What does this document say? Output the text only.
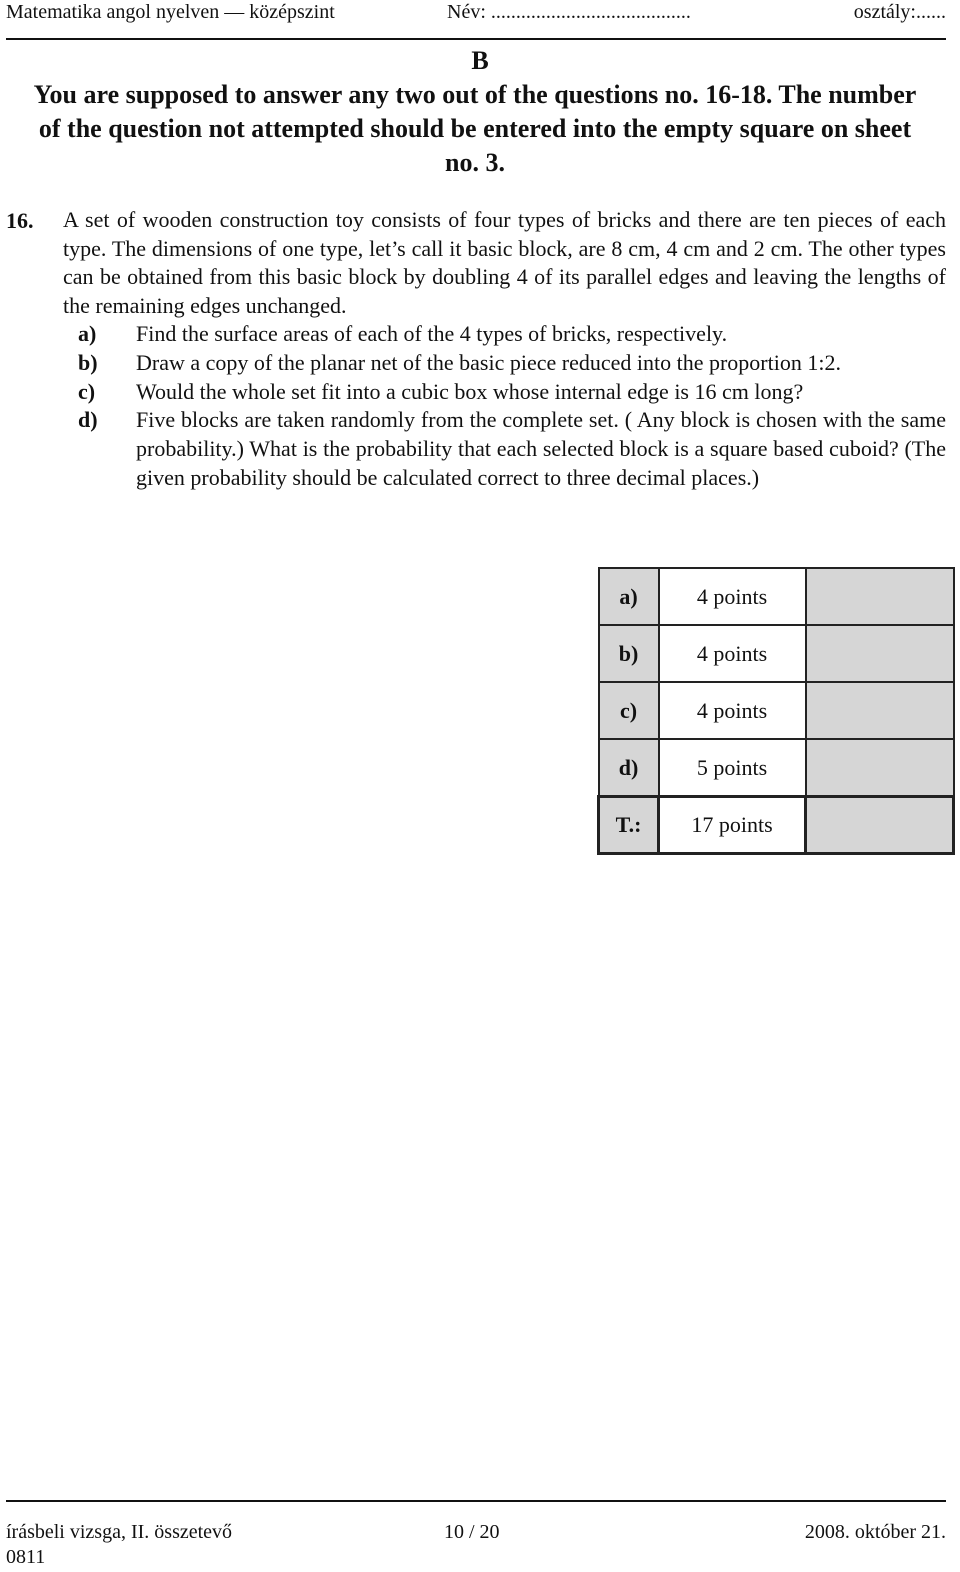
Matematika angol nyelven — középszint	Név: ........................................	osztály:......
B
You are supposed to answer any two out of the questions no. 16-18. The number of the question not attempted should be entered into the empty square on sheet no. 3.
16. A set of wooden construction toy consists of four types of bricks and there are ten pieces of each type. The dimensions of one type, let’s call it basic block, are 8 cm, 4 cm and 2 cm. The other types can be obtained from this basic block by doubling 4 of its parallel edges and leaving the lengths of the remaining edges unchanged.

a)	Find the surface areas of each of the 4 types of bricks, respectively.
b)	Draw a copy of the planar net of the basic piece reduced into the proportion 1:2.
c)	Would the whole set fit into a cubic box whose internal edge is 16 cm long?
d)	Five blocks are taken randomly from the complete set. ( Any block is chosen with the same probability.) What is the probability that each selected block is a square based cuboid? (The given probability should be calculated correct to three decimal places.)
a)	4 points	
b)	4 points	
c)	4 points	
d)	5 points	
T.:	17 points	
írásbeli vizsga, II. összetevő	10 / 20	2008. október 21.
0811
